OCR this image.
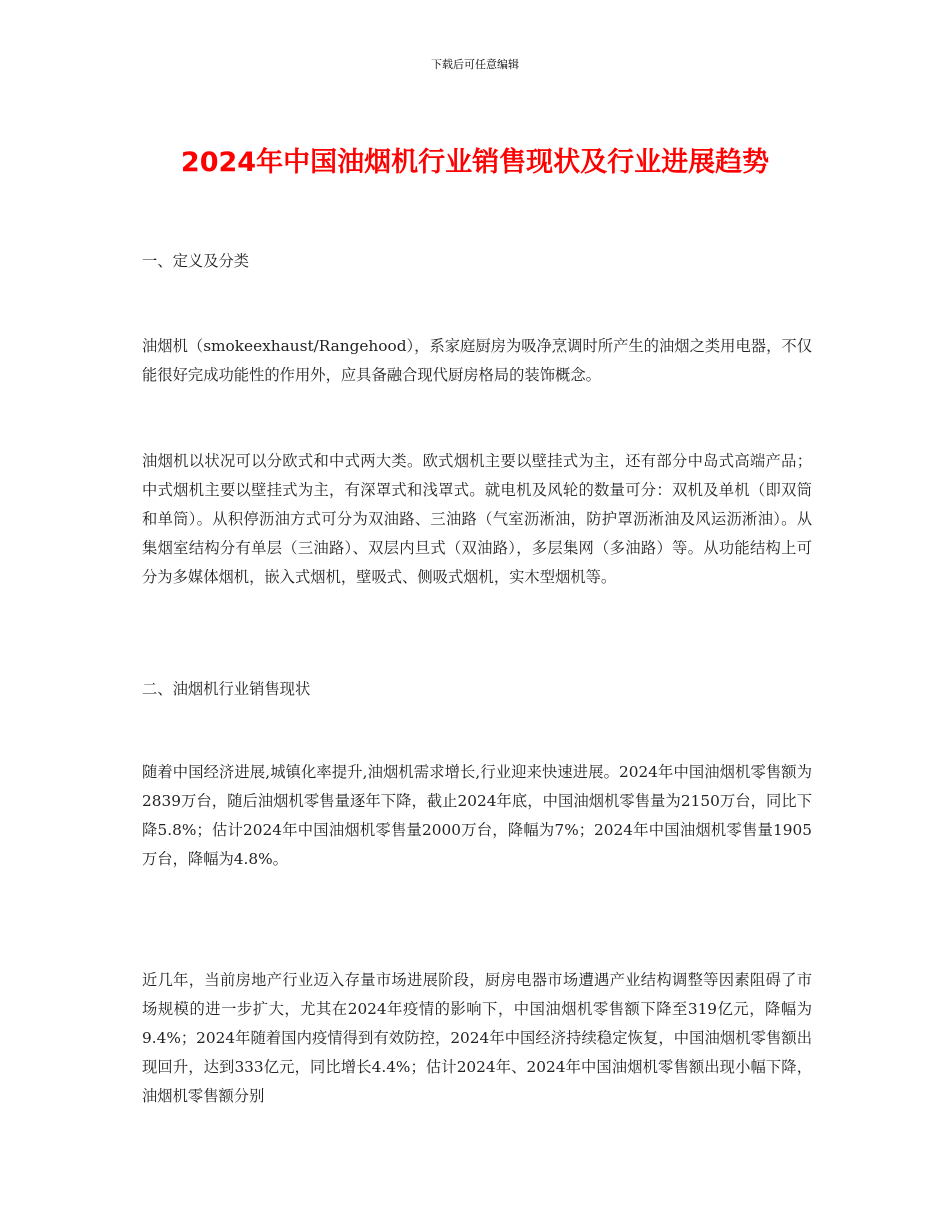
下载后可任意编辑
2024年中国油烟机行业销售现状及行业进展趋势
一、定义及分类
油烟机（smokeexhaust/Rangehood），系家庭厨房为吸净烹调时所产生的油烟之类用电器，不仅能很好完成功能性的作用外，应具备融合现代厨房格局的装饰概念。
油烟机以状况可以分欧式和中式两大类。欧式烟机主要以壁挂式为主，还有部分中岛式高端产品；中式烟机主要以壁挂式为主，有深罩式和浅罩式。就电机及风轮的数量可分：双机及单机（即双筒和单筒）。从积停沥油方式可分为双油路、三油路（气室沥淅油，防护罩沥淅油及风运沥淅油）。从集烟室结构分有单层（三油路）、双层内旦式（双油路），多层集网（多油路）等。从功能结构上可分为多媒体烟机，嵌入式烟机，壁吸式、侧吸式烟机，实木型烟机等。
二、油烟机行业销售现状
随着中国经济进展,城镇化率提升,油烟机需求增长,行业迎来快速进展。2024年中国油烟机零售额为2839万台，随后油烟机零售量逐年下降，截止2024年底，中国油烟机零售量为2150万台，同比下降5.8%；估计2024年中国油烟机零售量2000万台，降幅为7%；2024年中国油烟机零售量1905万台，降幅为4.8%。
近几年，当前房地产行业迈入存量市场进展阶段，厨房电器市场遭遇产业结构调整等因素阻碍了市场规模的进一步扩大，尤其在2024年疫情的影响下，中国油烟机零售额下降至319亿元，降幅为9.4%；2024年随着国内疫情得到有效防控，2024年中国经济持续稳定恢复，中国油烟机零售额出现回升，达到333亿元，同比增长4.4%；估计2024年、2024年中国油烟机零售额出现小幅下降，油烟机零售额分别
